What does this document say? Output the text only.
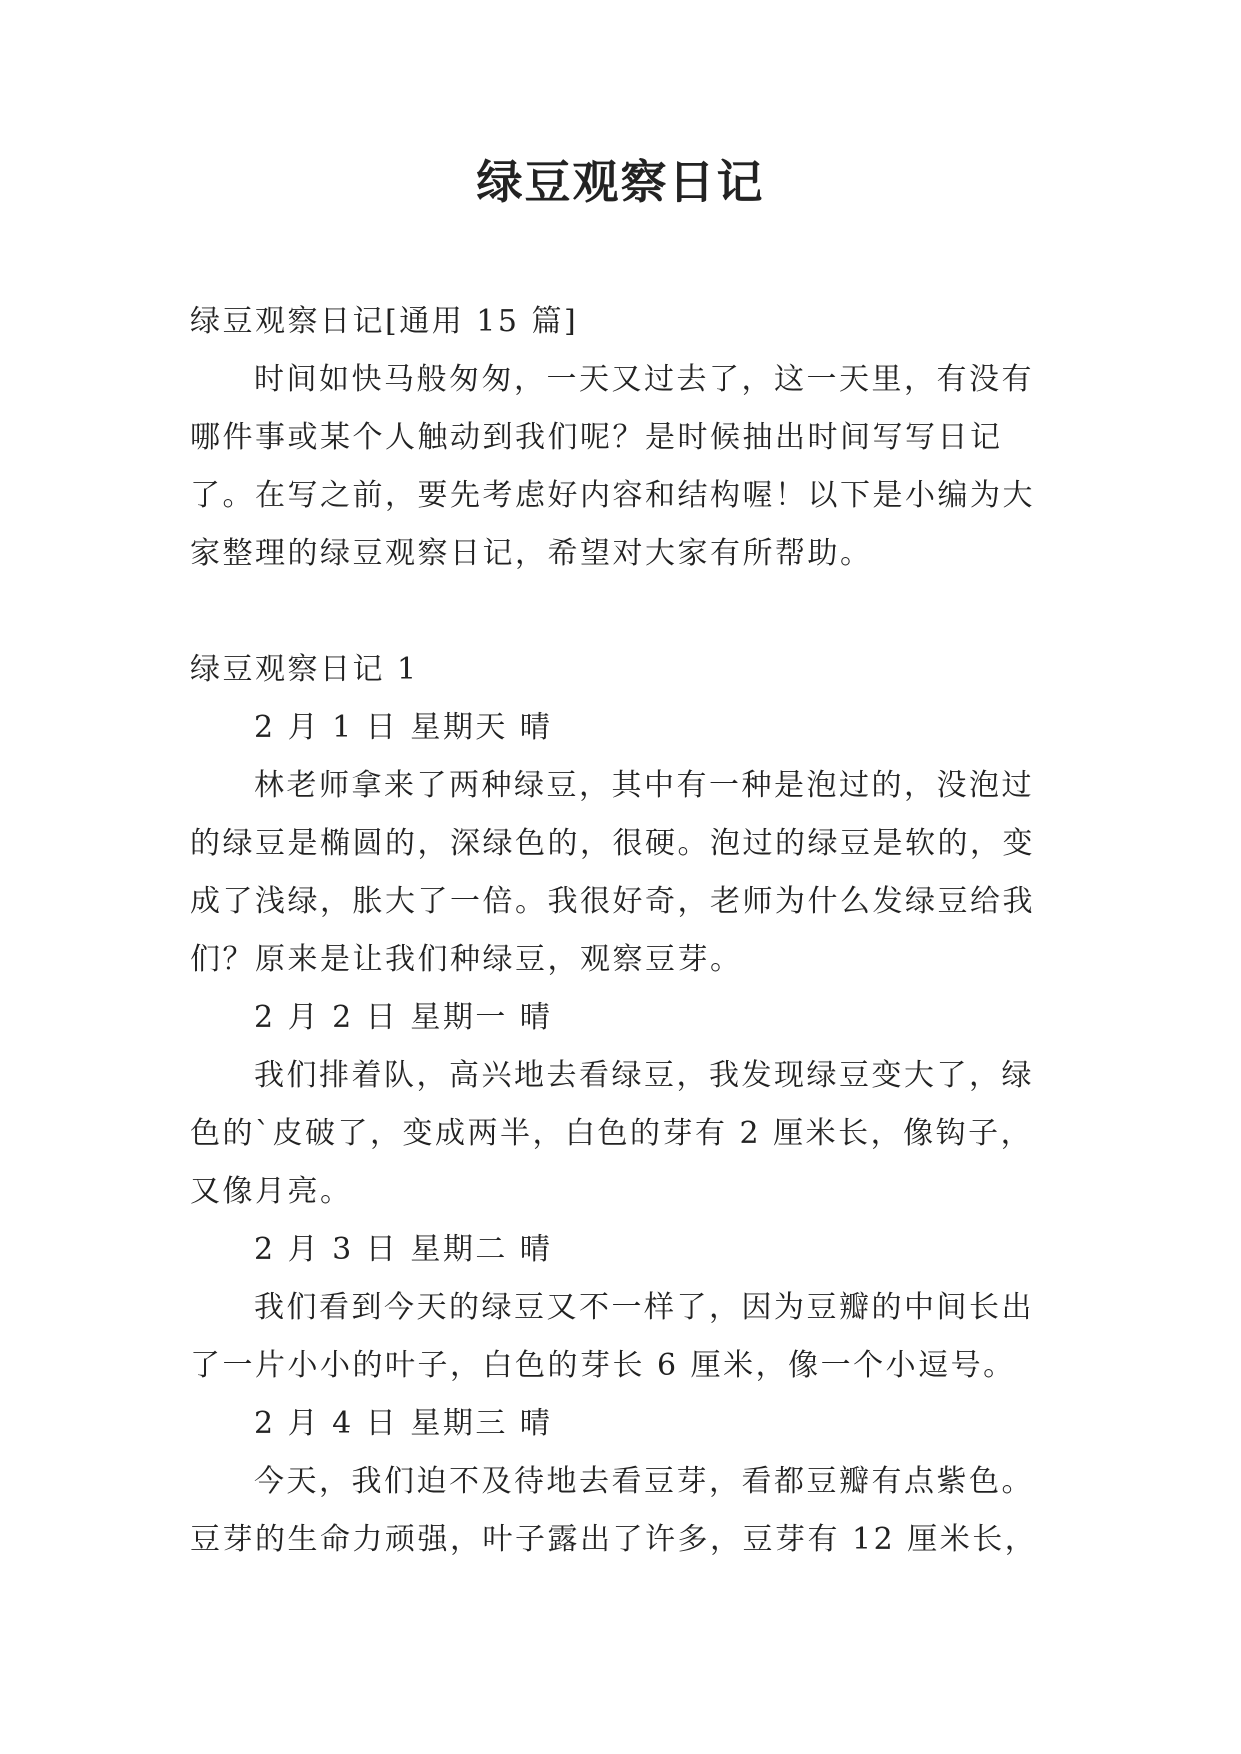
绿豆观察日记
绿豆观察日记[通用 15 篇]
时间如快马般匆匆，一天又过去了，这一天里，有没有
哪件事或某个人触动到我们呢？是时候抽出时间写写日记
了。在写之前，要先考虑好内容和结构喔！以下是小编为大
家整理的绿豆观察日记，希望对大家有所帮助。
绿豆观察日记 1
2 月 1 日 星期天 晴
林老师拿来了两种绿豆，其中有一种是泡过的，没泡过
的绿豆是椭圆的，深绿色的，很硬。泡过的绿豆是软的，变
成了浅绿，胀大了一倍。我很好奇，老师为什么发绿豆给我
们？原来是让我们种绿豆，观察豆芽。
2 月 2 日 星期一 晴
我们排着队，高兴地去看绿豆，我发现绿豆变大了，绿
色的`皮破了，变成两半，白色的芽有 2 厘米长，像钩子，
又像月亮。
2 月 3 日 星期二 晴
我们看到今天的绿豆又不一样了，因为豆瓣的中间长出
了一片小小的叶子，白色的芽长 6 厘米，像一个小逗号。
2 月 4 日 星期三 晴
今天，我们迫不及待地去看豆芽，看都豆瓣有点紫色。
豆芽的生命力顽强，叶子露出了许多，豆芽有 12 厘米长，
